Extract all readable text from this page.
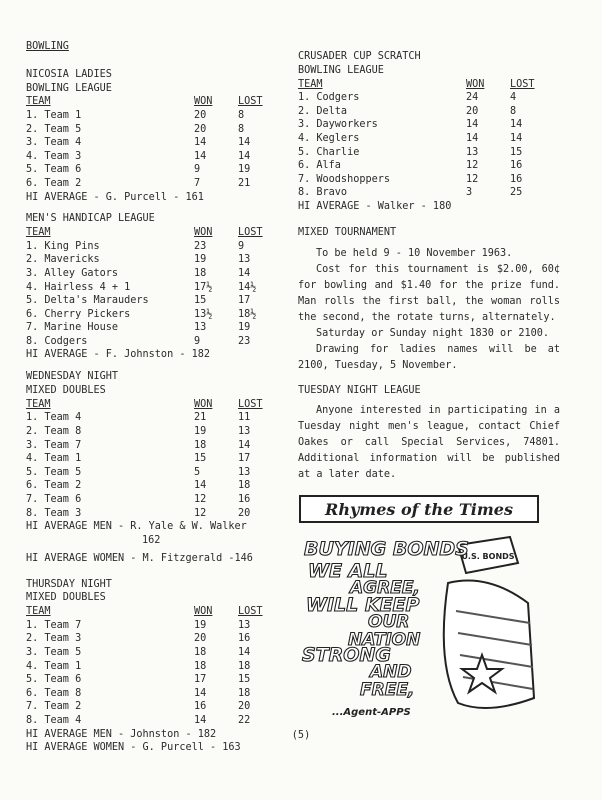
BOWLING
NICOSIA LADIES
BOWLING LEAGUE
TEAM	WON	LOST
1. Team 1	20	8
2. Team 5	20	8
3. Team 4	14	14
4. Team 3	14	14
5. Team 6	9	19
6. Team 2	7	21
HI AVERAGE - G. Purcell - 161
MEN'S HANDICAP LEAGUE
TEAM	WON	LOST
1. King Pins	23	9
2. Mavericks	19	13
3. Alley Gators	18	14
4. Hairless 4 + 1	17½	14½
5. Delta's Marauders	15	17
6. Cherry Pickers	13½	18½
7. Marine House	13	19
8. Codgers	9	23
HI AVERAGE - F. Johnston - 182
WEDNESDAY NIGHT
MIXED DOUBLES
TEAM	WON	LOST
1. Team 4	21	11
2. Team 8	19	13
3. Team 7	18	14
4. Team 1	15	17
5. Team 5	5	13
6. Team 2	14	18
7. Team 6	12	16
8. Team 3	12	20
HI AVERAGE MEN - R. Yale & W. Walker
162
HI AVERAGE WOMEN - M. Fitzgerald -146
THURSDAY NIGHT
MIXED DOUBLES
TEAM	WON	LOST
1. Team 7	19	13
2. Team 3	20	16
3. Team 5	18	14
4. Team 1	18	18
5. Team 6	17	15
6. Team 8	14	18
7. Team 2	16	20
8. Team 4	14	22
HI AVERAGE MEN - Johnston - 182
HI AVERAGE WOMEN - G. Purcell - 163
CRUSADER CUP SCRATCH
BOWLING LEAGUE
TEAM	WON	LOST
1. Codgers	24	4
2. Delta	20	8
3. Dayworkers	14	14
4. Keglers	14	14
5. Charlie	13	15
6. Alfa	12	16
7. Woodshoppers	12	16
8. Bravo	3	25
HI AVERAGE - Walker - 180
MIXED TOURNAMENT
To be held 9 - 10 November 1963.
Cost for this tournament is $2.00, 60¢ for bowling and $1.40 for the prize fund. Man rolls the first ball, the woman rolls the second, the rotate turns, alternately.
Saturday or Sunday night 1830 or 2100.
Drawing for ladies names will be at 2100, Tuesday, 5 November.
TUESDAY NIGHT LEAGUE
Anyone interested in participating in a Tuesday night men's league, contact Chief Oakes or call Special Services, 74801. Additional information will be published at a later date.
Rhymes of the Times
U.S. BONDS
BUYING BONDS
WE ALL
AGREE,
WILL KEEP
OUR
NATION
STRONG
AND
FREE,
...Agent-APPS
(5)
